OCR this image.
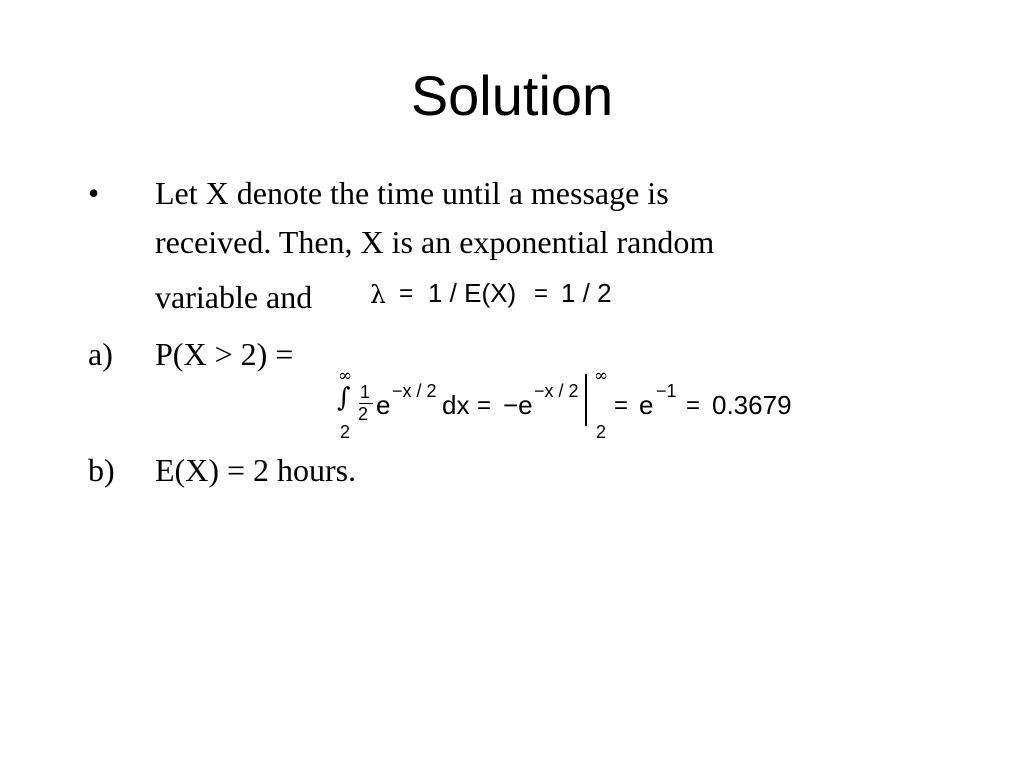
Solution
• Let X denote the time until a message is
received. Then, X is an exponential random
variable and λ = 1 / E(X) = 1 / 2
a) P(X > 2) =
∞
∫
2
1
2 e −x / 2 dx = −e −x / 2
∞
2
= e −1
= 0.3679
b) E(X) = 2 hours.
